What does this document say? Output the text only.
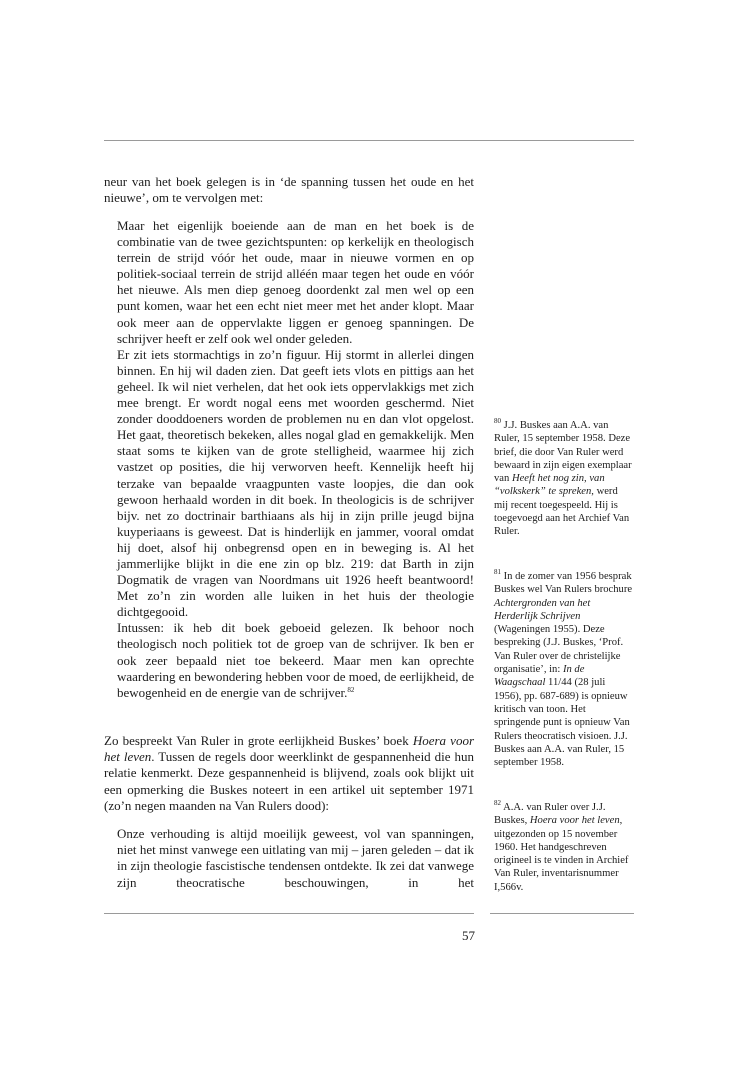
neur van het boek gelegen is in ‘de spanning tussen het oude en het nieuwe’, om te vervolgen met:

Maar het eigenlijk boeiende aan de man en het boek is de combinatie van de twee gezichtspunten: op kerkelijk en theologisch terrein de strijd vóór het oude, maar in nieuwe vormen en op politiek-sociaal terrein de strijd alléén maar tegen het oude en vóór het nieuwe. Als men diep genoeg doordenkt zal men wel op een punt komen, waar het een echt niet meer met het ander klopt. Maar ook meer aan de oppervlakte liggen er genoeg spanningen. De schrijver heeft er zelf ook wel onder geleden.

Er zit iets stormachtigs in zo’n figuur. Hij stormt in allerlei dingen binnen. En hij wil daden zien. Dat geeft iets vlots en pittigs aan het geheel. Ik wil niet verhelen, dat het ook iets oppervlakkigs met zich mee brengt. Er wordt nogal eens met woorden geschermd. Niet zonder dooddoeners worden de problemen nu en dan vlot opgelost. Het gaat, theoretisch bekeken, alles nogal glad en gemakkelijk. Men staat soms te kijken van de grote stelligheid, waarmee hij zich vastzet op posities, die hij verworven heeft. Kennelijk heeft hij terzake van bepaalde vraagpunten vaste loopjes, die dan ook gewoon herhaald worden in dit boek. In theologicis is de schrijver bijv. net zo doctrinair barthiaans als hij in zijn prille jeugd bijna kuyperiaans is geweest. Dat is hinderlijk en jammer, vooral omdat hij doet, alsof hij onbegrensd open en in beweging is. Al het jammerlijke blijkt in die ene zin op blz. 219: dat Barth in zijn Dogmatik de vragen van Noordmans uit 1926 heeft beantwoord! Met zo’n zin worden alle luiken in het huis der theologie dichtgegooid.

Intussen: ik heb dit boek geboeid gelezen. Ik behoor noch theologisch noch politiek tot de groep van de schrijver. Ik ben er ook zeer bepaald niet toe bekeerd. Maar men kan oprechte waardering en bewondering hebben voor de moed, de eerlijkheid, de bewogenheid en de energie van de schrijver.$^{82}$

Zo bespreekt Van Ruler in grote eerlijkheid Buskes’ boek Hoera voor het leven. Tussen de regels door weerklinkt de gespannenheid die hun relatie kenmerkt. Deze gespannenheid is blijvend, zoals ook blijkt uit een opmerking die Buskes noteert in een artikel uit september 1971 (zo’n negen maanden na Van Rulers dood):

Onze verhouding is altijd moeilijk geweest, vol van spanningen, niet het minst vanwege een uitlating van mij – jaren geleden – dat ik in zijn theologie fascistische tendensen ontdekte. Ik zei dat vanwege zijn theocratische beschouwingen, in het

$^{80}$ J.J. Buskes aan A.A. van Ruler, 15 september 1958. Deze brief, die door Van Ruler werd bewaard in zijn eigen exemplaar van Heeft het nog zin, van “volkskerk” te spreken, werd mij recent toegespeeld. Hij is toegevoegd aan het Archief Van Ruler.

$^{81}$ In de zomer van 1956 besprak Buskes wel Van Rulers brochure Achtergronden van het Herderlijk Schrijven (Wageningen 1955). Deze bespreking (J.J. Buskes, ‘Prof. Van Ruler over de christelijke organisatie’, in: In de Waagschaal 11/44 (28 juli 1956), pp. 687-689) is opnieuw kritisch van toon. Het springende punt is opnieuw Van Rulers theocratisch visioen. J.J. Buskes aan A.A. van Ruler, 15 september 1958.

$^{82}$ A.A. van Ruler over J.J. Buskes, Hoera voor het leven, uitgezonden op 15 november 1960. Het handgeschreven origineel is te vinden in Archief Van Ruler, inventarisnummer I,566v.

57
